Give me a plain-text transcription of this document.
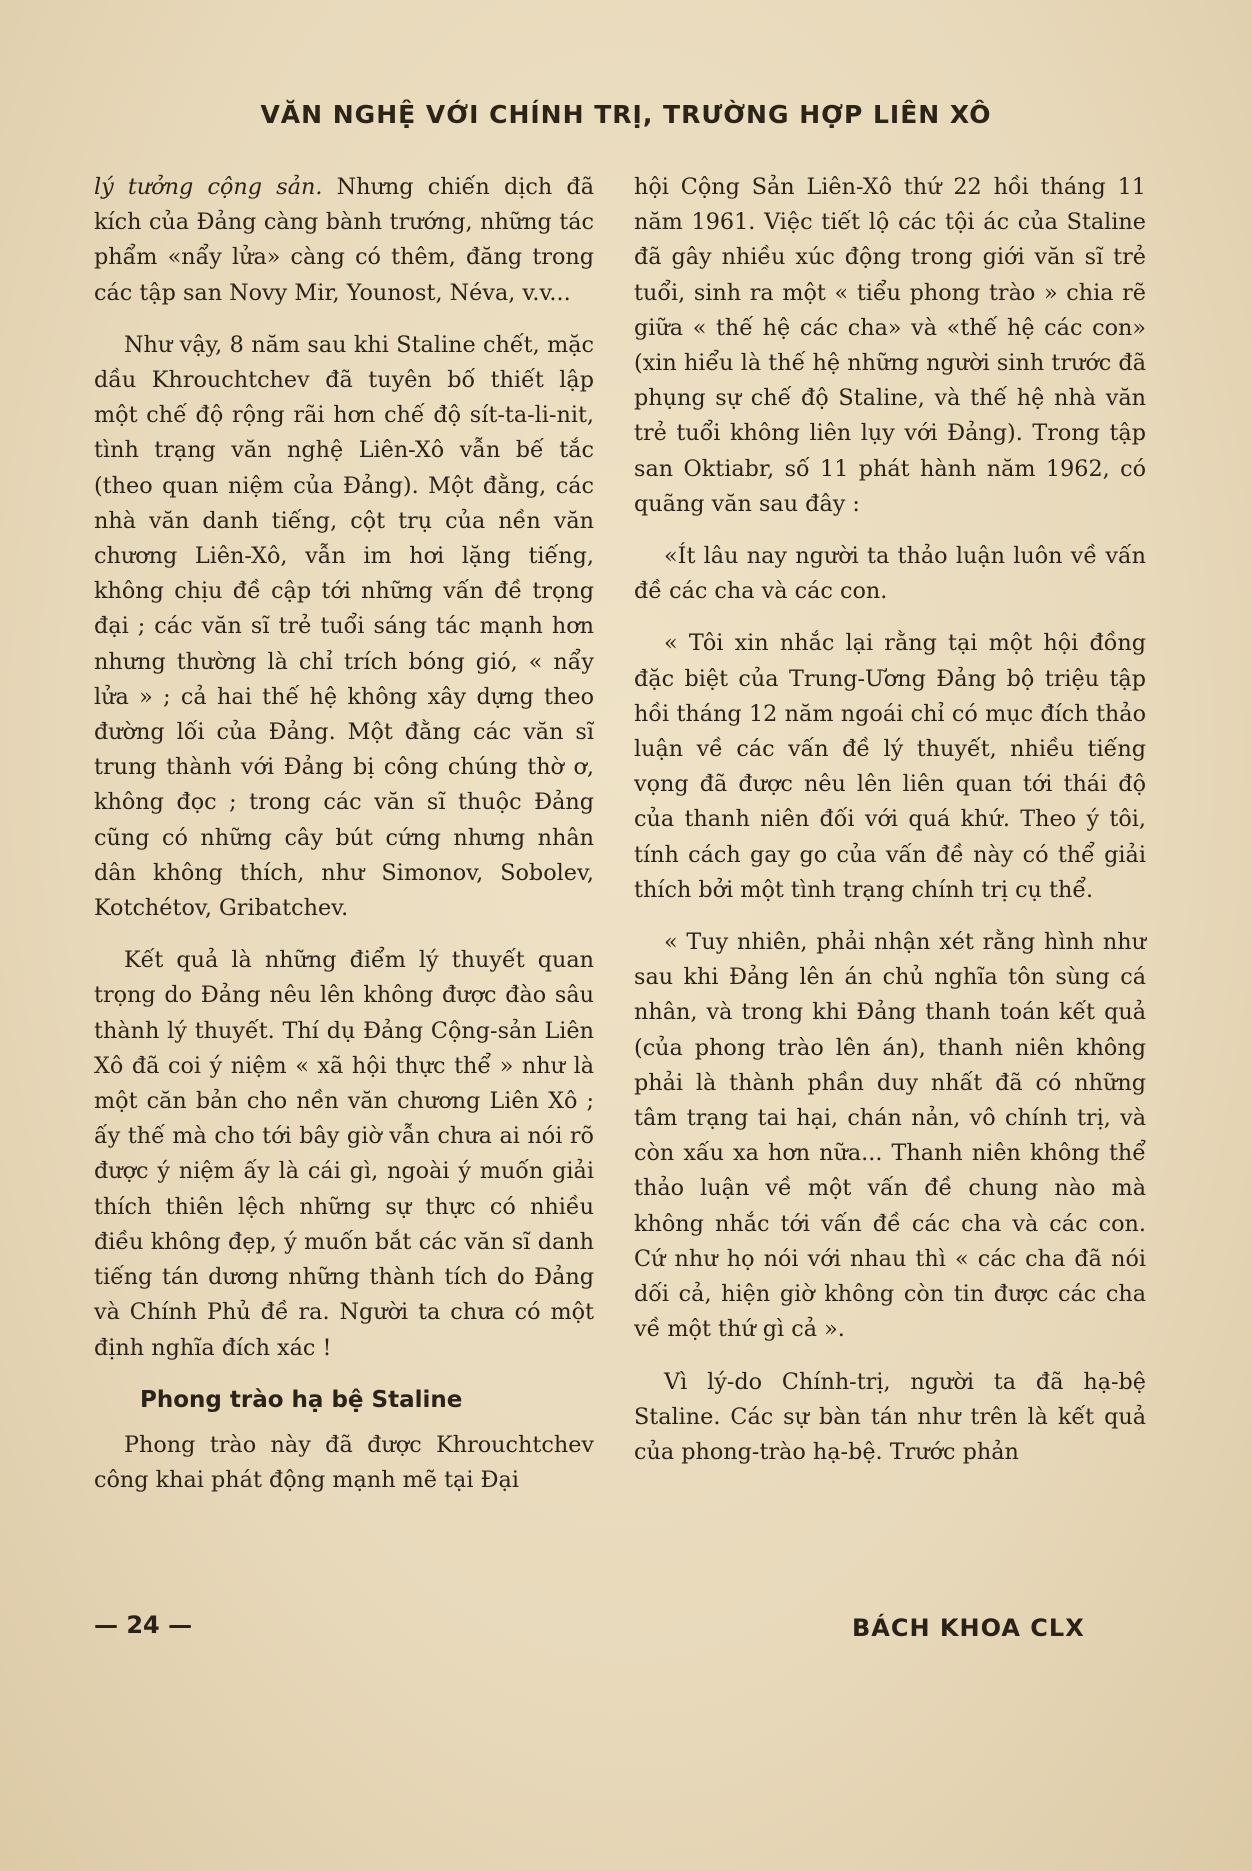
VĂN NGHỆ VỚI CHÍNH TRỊ, TRƯỜNG HỢP LIÊN XÔ

lý tưởng cộng sản. Nhưng chiến dịch đã kích của Đảng càng bành trướng, những tác phẩm «nẩy lửa» càng có thêm, đăng trong các tập san Novy Mir, Younost, Néva, v.v...

Như vậy, 8 năm sau khi Staline chết, mặc dầu Khrouchtchev đã tuyên bố thiết lập một chế độ rộng rãi hơn chế độ sít-ta-li-nit, tình trạng văn nghệ Liên-Xô vẫn bế tắc (theo quan niệm của Đảng). Một đằng, các nhà văn danh tiếng, cột trụ của nền văn chương Liên-Xô, vẫn im hơi lặng tiếng, không chịu đề cập tới những vấn đề trọng đại ; các văn sĩ trẻ tuổi sáng tác mạnh hơn nhưng thường là chỉ trích bóng gió, « nẩy lửa » ; cả hai thế hệ không xây dựng theo đường lối của Đảng. Một đằng các văn sĩ trung thành với Đảng bị công chúng thờ ơ, không đọc ; trong các văn sĩ thuộc Đảng cũng có những cây bút cứng nhưng nhân dân không thích, như Simonov, Sobolev, Kotchétov, Gribatchev.

Kết quả là những điểm lý thuyết quan trọng do Đảng nêu lên không được đào sâu thành lý thuyết. Thí dụ Đảng Cộng-sản Liên Xô đã coi ý niệm « xã hội thực thể » như là một căn bản cho nền văn chương Liên Xô ; ấy thế mà cho tới bây giờ vẫn chưa ai nói rõ được ý niệm ấy là cái gì, ngoài ý muốn giải thích thiên lệch những sự thực có nhiều điều không đẹp, ý muốn bắt các văn sĩ danh tiếng tán dương những thành tích do Đảng và Chính Phủ đề ra. Người ta chưa có một định nghĩa đích xác !

Phong trào hạ bệ Staline

Phong trào này đã được Khrouchtchev công khai phát động mạnh mẽ tại Đại

hội Cộng Sản Liên-Xô thứ 22 hồi tháng 11 năm 1961. Việc tiết lộ các tội ác của Staline đã gây nhiều xúc động trong giới văn sĩ trẻ tuổi, sinh ra một « tiểu phong trào » chia rẽ giữa « thế hệ các cha» và «thế hệ các con» (xin hiểu là thế hệ những người sinh trước đã phụng sự chế độ Staline, và thế hệ nhà văn trẻ tuổi không liên lụy với Đảng). Trong tập san Oktiabr, số 11 phát hành năm 1962, có quãng văn sau đây :

«Ít lâu nay người ta thảo luận luôn về vấn đề các cha và các con.

« Tôi xin nhắc lại rằng tại một hội đồng đặc biệt của Trung-Ương Đảng bộ triệu tập hồi tháng 12 năm ngoái chỉ có mục đích thảo luận về các vấn đề lý thuyết, nhiều tiếng vọng đã được nêu lên liên quan tới thái độ của thanh niên đối với quá khứ. Theo ý tôi, tính cách gay go của vấn đề này có thể giải thích bởi một tình trạng chính trị cụ thể.

« Tuy nhiên, phải nhận xét rằng hình như sau khi Đảng lên án chủ nghĩa tôn sùng cá nhân, và trong khi Đảng thanh toán kết quả (của phong trào lên án), thanh niên không phải là thành phần duy nhất đã có những tâm trạng tai hại, chán nản, vô chính trị, và còn xấu xa hơn nữa... Thanh niên không thể thảo luận về một vấn đề chung nào mà không nhắc tới vấn đề các cha và các con. Cứ như họ nói với nhau thì « các cha đã nói dối cả, hiện giờ không còn tin được các cha về một thứ gì cả ».

Vì lý-do Chính-trị, người ta đã hạ-bệ Staline. Các sự bàn tán như trên là kết quả của phong-trào hạ-bệ. Trước phản

— 24 —	BÁCH KHOA CLX
